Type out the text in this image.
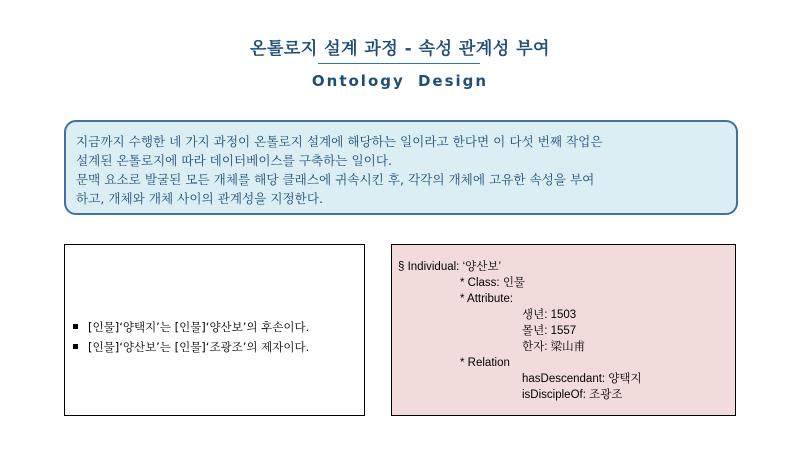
온톨로지 설계 과정 - 속성 관계성 부여
Ontology Design

지금까지 수행한 네 가지 과정이 온톨로지 설계에 해당하는 일이라고 한다면 이 다섯 번째 작업은

설계된 온톨로지에 따라 데이터베이스를 구축하는 일이다.

문맥 요소로 발굴된 모든 개체를 해당 클래스에 귀속시킨 후, 각각의 개체에 고유한 속성을 부여

하고, 개체와 개체 사이의 관계성을 지정한다.

[인물]‘양택지’는 [인물]‘양산보’의 후손이다.
[인물]‘양산보’는 [인물]‘조광조’의 제자이다.
§ Individual: ‘양산보’
* Class: 인물
* Attribute:
생년: 1503
몰년: 1557
한자: 梁山甫
* Relation
hasDescendant: 양택지
isDiscipleOf: 조광조
